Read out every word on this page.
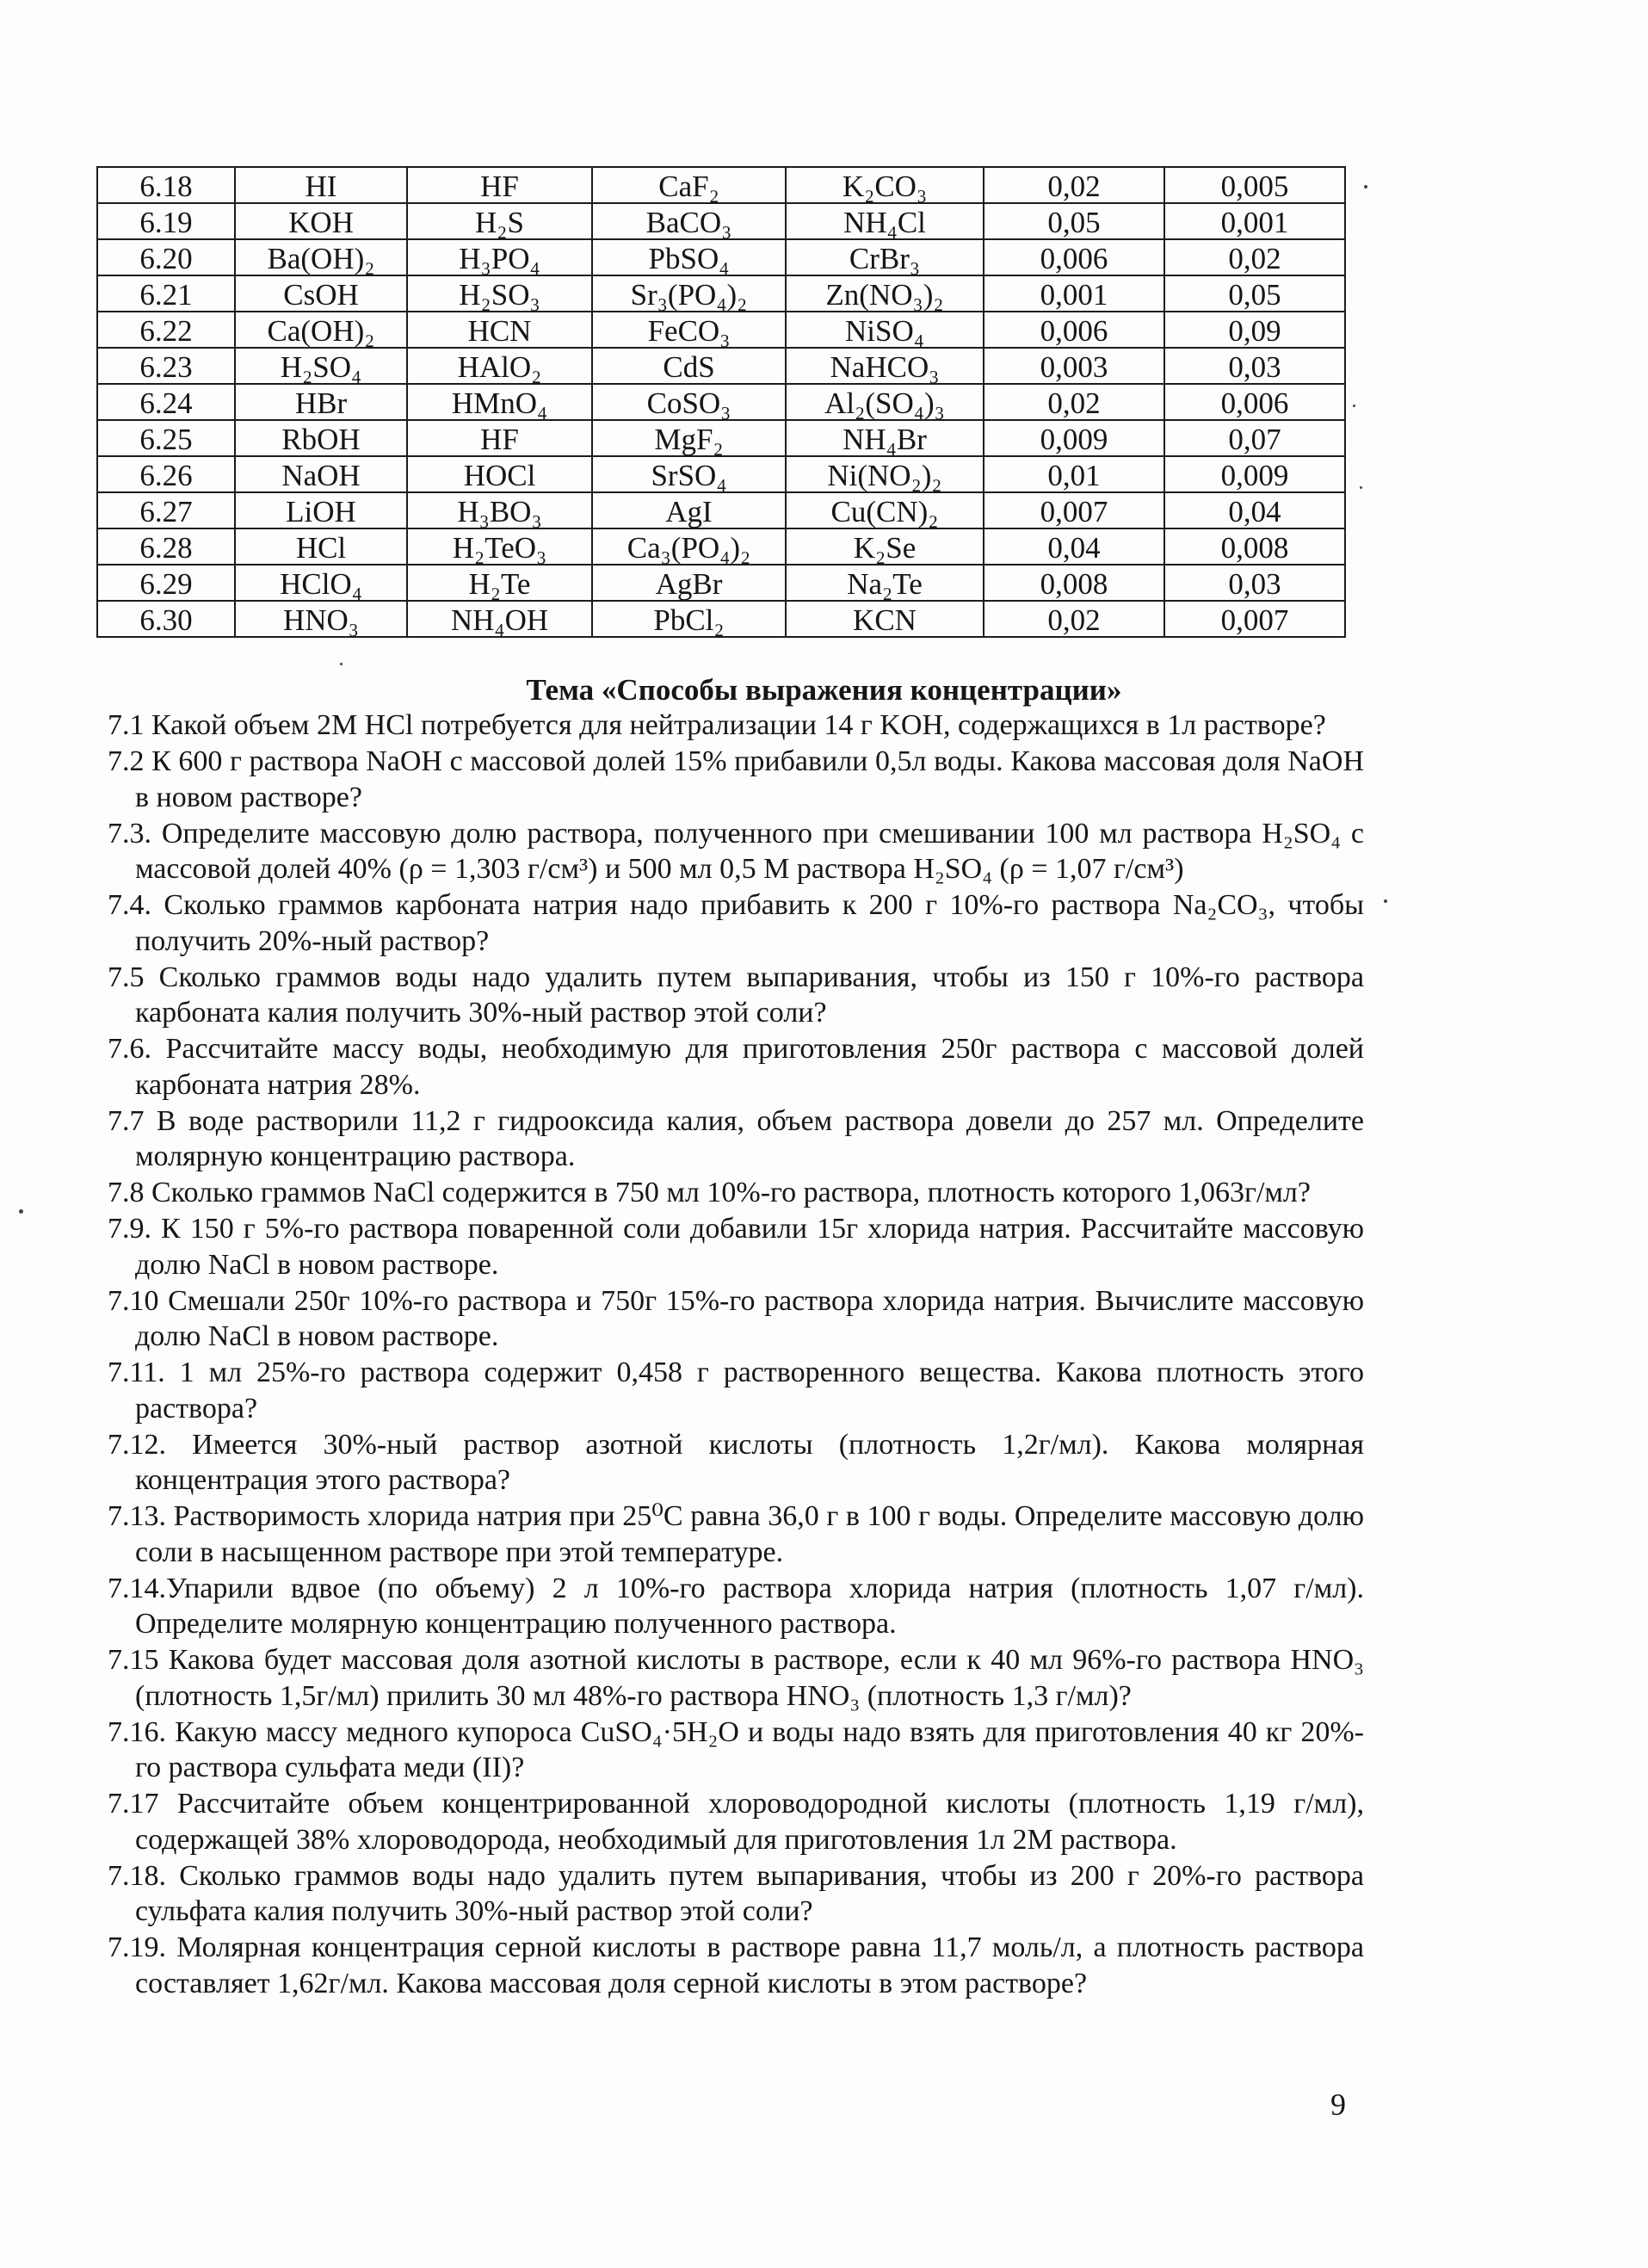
6.18	HI	HF	CaF₂	K₂CO₃	0,02	0,005
6.19	KOH	H₂S	BaCO₃	NH₄Cl	0,05	0,001
6.20	Ba(OH)₂	H₃PO₄	PbSO₄	CrBr₃	0,006	0,02
6.21	CsOH	H₂SO₃	Sr₃(PO₄)₂	Zn(NO₃)₂	0,001	0,05
6.22	Ca(OH)₂	HCN	FeCO₃	NiSO₄	0,006	0,09
6.23	H₂SO₄	HAlO₂	CdS	NaHCO₃	0,003	0,03
6.24	HBr	HMnO₄	CoSO₃	Al₂(SO₄)₃	0,02	0,006
6.25	RbOH	HF	MgF₂	NH₄Br	0,009	0,07
6.26	NaOH	HOCl	SrSO₄	Ni(NO₂)₂	0,01	0,009
6.27	LiOH	H₃BO₃	AgI	Cu(CN)₂	0,007	0,04
6.28	HCl	H₂TeO₃	Ca₃(PO₄)₂	K₂Se	0,04	0,008
6.29	HClO₄	H₂Te	AgBr	Na₂Te	0,008	0,03
6.30	HNO₃	NH₄OH	PbCl₂	KCN	0,02	0,007
Тема «Способы выражения концентрации»

7.1 Какой объем 2М HCl потребуется для нейтрализации 14 г KOH, содержащихся в 1л растворе?

7.2 К 600 г раствора NaOH с массовой долей 15% прибавили 0,5л воды. Какова массовая доля NaOH в новом растворе?

7.3. Определите массовую долю раствора, полученного при смешивании 100 мл раствора H₂SO₄ с массовой долей 40% (ρ = 1,303 г/см³) и 500 мл 0,5 М раствора H₂SO₄ (ρ = 1,07 г/см³)

7.4. Сколько граммов карбоната натрия надо прибавить к 200 г 10%-го раствора Na₂CO₃, чтобы получить 20%-ный раствор?

7.5 Сколько граммов воды надо удалить путем выпаривания, чтобы из 150 г 10%-го раствора карбоната калия получить 30%-ный раствор этой соли?

7.6. Рассчитайте массу воды, необходимую для приготовления 250г раствора с массовой долей карбоната натрия 28%.

7.7 В воде растворили 11,2 г гидрооксида калия, объем раствора довели до 257 мл. Определите молярную концентрацию раствора.

7.8 Сколько граммов NaCl содержится в 750 мл 10%-го раствора, плотность которого 1,063г/мл?

7.9. К 150 г 5%-го раствора поваренной соли добавили 15г хлорида натрия. Рассчитайте массовую долю NaCl в новом растворе.

7.10 Смешали 250г 10%-го раствора и 750г 15%-го раствора хлорида натрия. Вычислите массовую долю NaCl в новом растворе.

7.11. 1 мл 25%-го раствора содержит 0,458 г растворенного вещества. Какова плотность этого раствора?

7.12. Имеется 30%-ный раствор азотной кислоты (плотность 1,2г/мл). Какова молярная концентрация этого раствора?

7.13. Растворимость хлорида натрия при 25⁰С равна 36,0 г в 100 г воды. Определите массовую долю соли в насыщенном растворе при этой температуре.

7.14.Упарили вдвое (по объему) 2 л 10%-го раствора хлорида натрия (плотность 1,07 г/мл). Определите молярную концентрацию полученного раствора.

7.15 Какова будет массовая доля азотной кислоты в растворе, если к 40 мл 96%-го раствора HNO₃ (плотность 1,5г/мл) прилить 30 мл 48%-го раствора HNO₃ (плотность 1,3 г/мл)?

7.16. Какую массу медного купороса CuSO₄·5H₂O и воды надо взять для приготовления 40 кг 20%-го раствора сульфата меди (II)?

7.17 Рассчитайте объем концентрированной хлороводородной кислоты (плотность 1,19 г/мл), содержащей 38% хлороводорода, необходимый для приготовления 1л 2М раствора.

7.18. Сколько граммов воды надо удалить путем выпаривания, чтобы из 200 г 20%-го раствора сульфата калия получить 30%-ный раствор этой соли?

7.19. Молярная концентрация серной кислоты в растворе равна 11,7 моль/л, а плотность раствора составляет 1,62г/мл. Какова массовая доля серной кислоты в этом растворе?

9
